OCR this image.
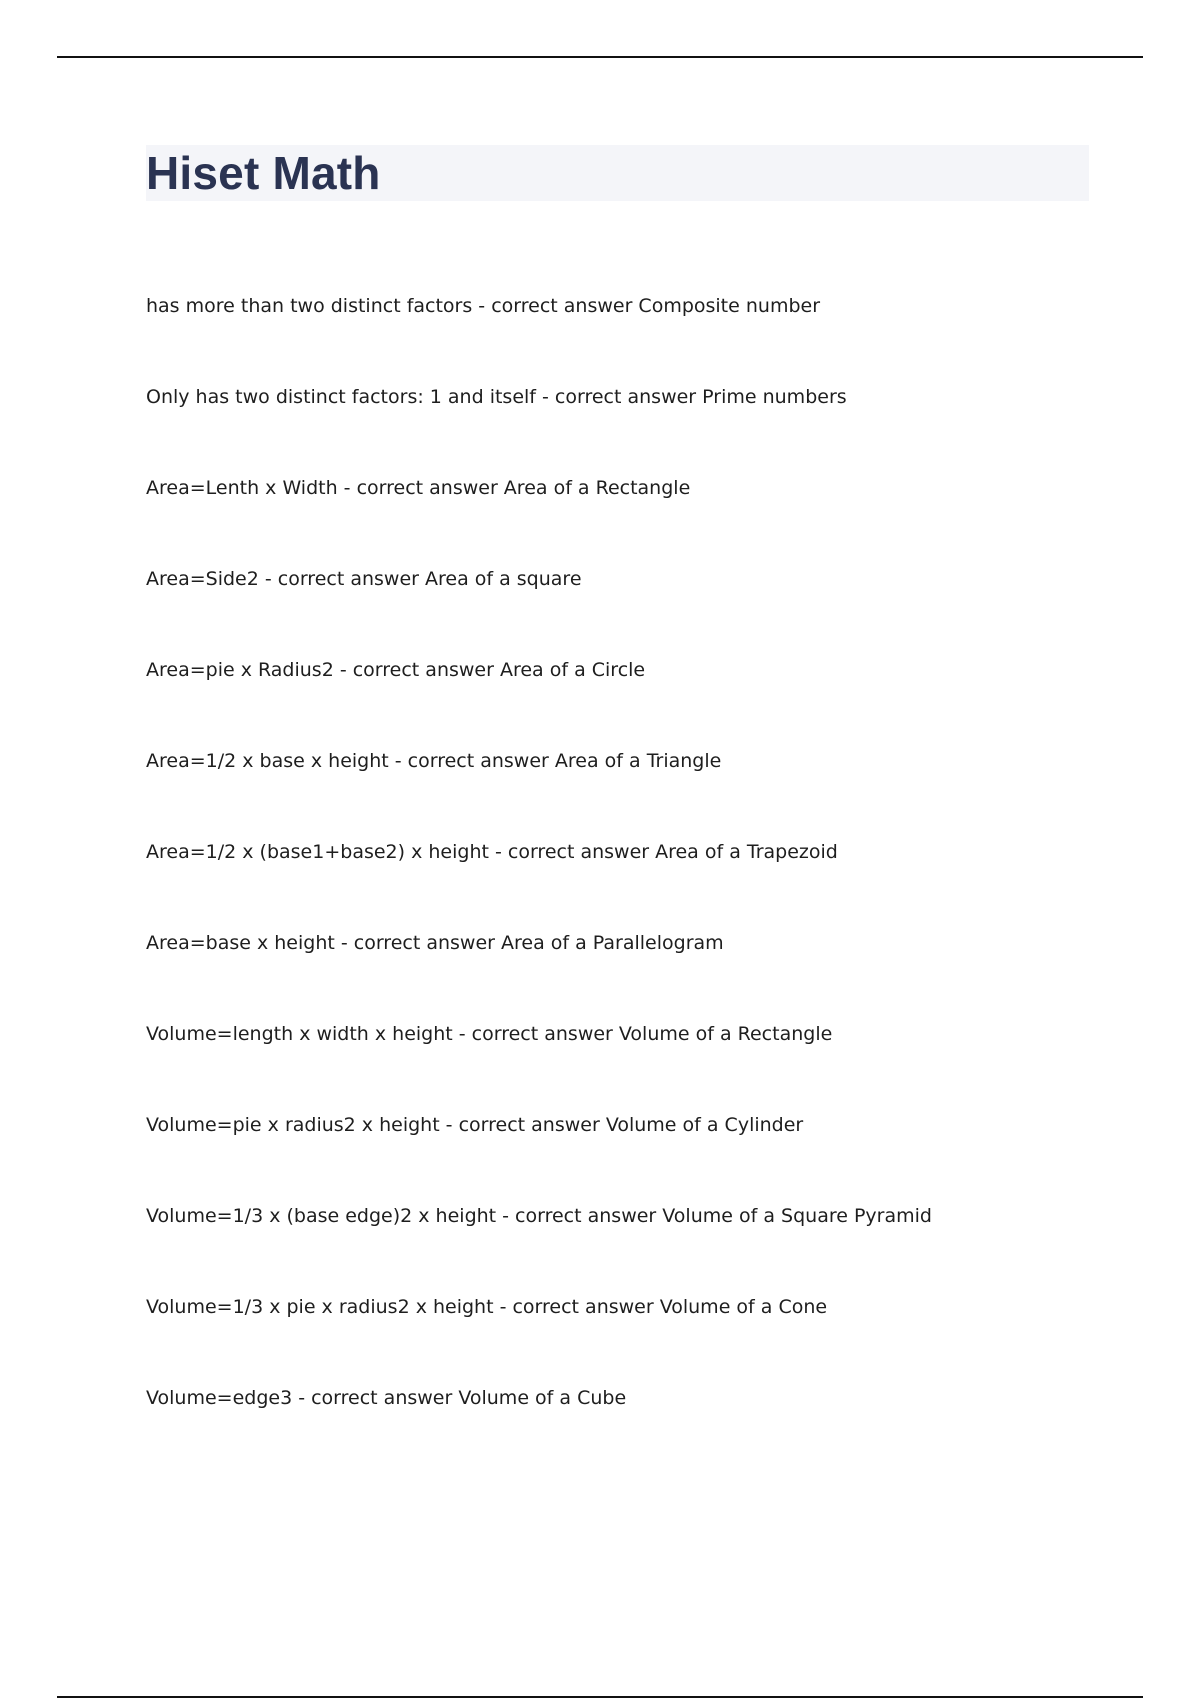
Hiset Math
has more than two distinct factors - correct answer Composite number
Only has two distinct factors: 1 and itself - correct answer Prime numbers
Area=Lenth x Width - correct answer Area of a Rectangle
Area=Side2 - correct answer Area of a square
Area=pie x Radius2 - correct answer Area of a Circle
Area=1/2 x base x height - correct answer Area of a Triangle
Area=1/2 x (base1+base2) x height - correct answer Area of a Trapezoid
Area=base x height - correct answer Area of a Parallelogram
Volume=length x width x height - correct answer Volume of a Rectangle
Volume=pie x radius2 x height - correct answer Volume of a Cylinder
Volume=1/3 x (base edge)2 x height - correct answer Volume of a Square Pyramid
Volume=1/3 x pie x radius2 x height - correct answer Volume of a Cone
Volume=edge3 - correct answer Volume of a Cube
